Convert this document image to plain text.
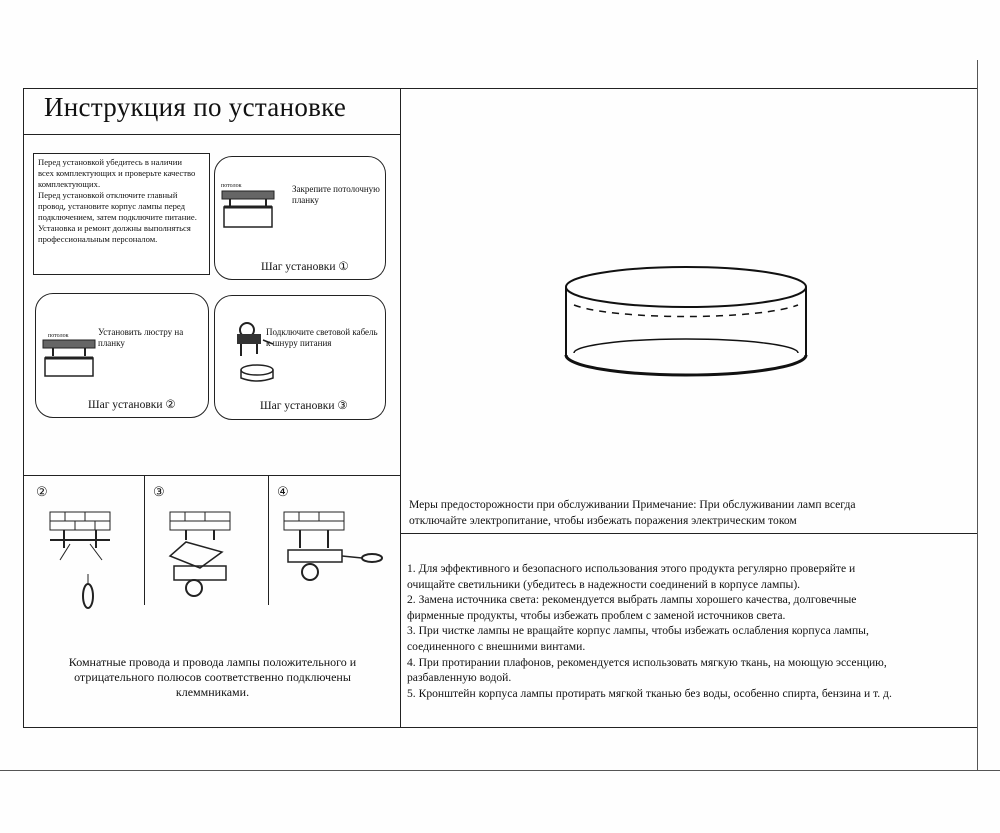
Инструкция по установке
Перед установкой убедитесь в наличии
всех комплектующих и проверьте качество
комплектующих.
Перед установкой отключите главный
провод, установите корпус лампы перед
подключением, затем подключите питание.
Установка и ремонт должны выполняться
профессиональным персоналом.
потолок	Закрепите потолочную
планку
Шаг установки ①
потолок	Установить люстру на
планку
Шаг установки ②
Подключите световой кабель
к шнуру питания
Шаг установки ③
②	③	④

Комнатные провода и провода лампы положительного и

отрицательного полюсов соответственно подключены

клеммниками.

Меры предосторожности при обслуживании Примечание: При обслуживании ламп всегда

отключайте электропитание, чтобы избежать поражения электрическим током

1. Для эффективного и безопасного использования этого продукта регулярно проверяйте и

очищайте светильники (убедитесь в надежности соединений в корпусе лампы).

2. Замена источника света: рекомендуется выбрать лампы хорошего качества, долговечные

фирменные продукты, чтобы избежать проблем с заменой источников света.

3. При чистке лампы не вращайте корпус лампы, чтобы избежать ослабления корпуса лампы,

соединенного с внешними винтами.

4. При протирании плафонов, рекомендуется использовать мягкую ткань, на моющую эссенцию,

разбавленную водой.

5. Кронштейн корпуса лампы протирать мягкой тканью без воды, особенно спирта, бензина и т. д.
